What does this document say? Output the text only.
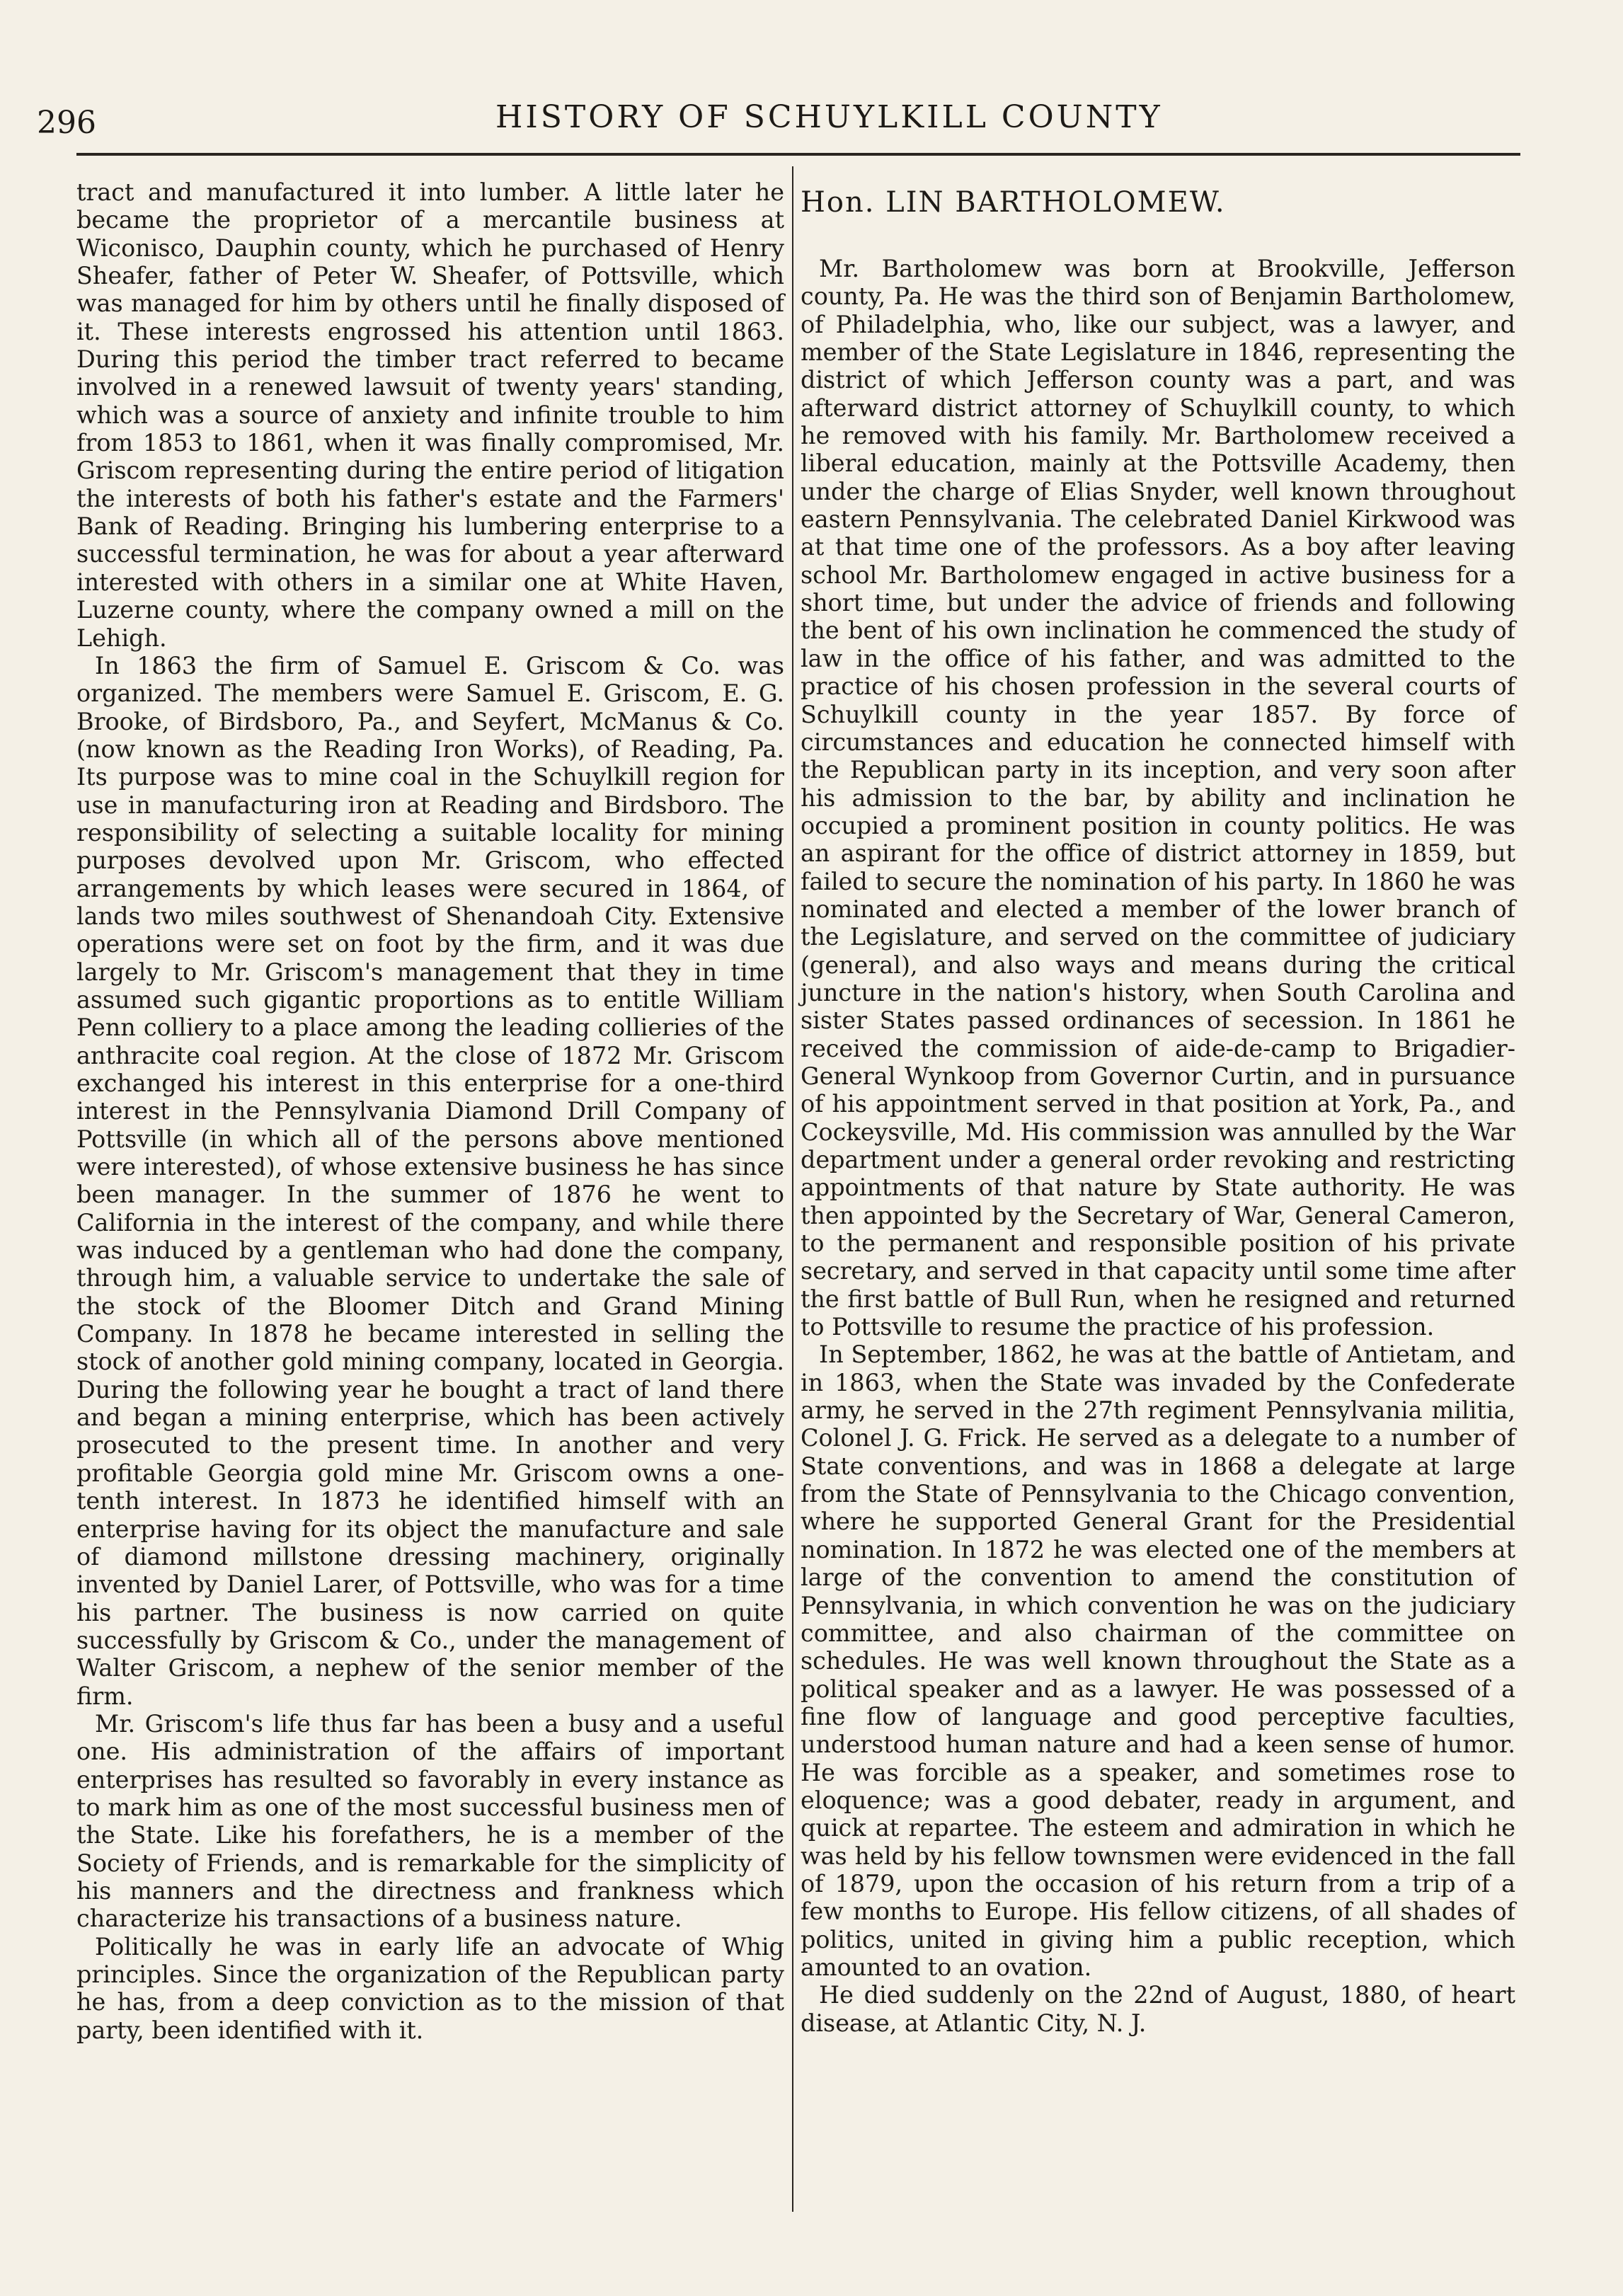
296	HISTORY OF SCHUYLKILL COUNTY

tract and manufactured it into lumber. A little later he became the proprietor of a mercantile business at Wiconisco, Dauphin county, which he purchased of Henry Sheafer, father of Peter W. Sheafer, of Pottsville, which was managed for him by others until he finally disposed of it. These interests engrossed his attention until 1863. During this period the timber tract referred to became involved in a renewed lawsuit of twenty years' standing, which was a source of anxiety and infinite trouble to him from 1853 to 1861, when it was finally compromised, Mr. Griscom representing during the entire period of litigation the interests of both his father's estate and the Farmers' Bank of Reading. Bringing his lumbering enterprise to a successful termination, he was for about a year afterward interested with others in a similar one at White Haven, Luzerne county, where the company owned a mill on the Lehigh.

In 1863 the firm of Samuel E. Griscom & Co. was organized. The members were Samuel E. Griscom, E. G. Brooke, of Birdsboro, Pa., and Seyfert, McManus & Co. (now known as the Reading Iron Works), of Reading, Pa. Its purpose was to mine coal in the Schuylkill region for use in manufacturing iron at Reading and Birdsboro. The responsibility of selecting a suitable locality for mining purposes devolved upon Mr. Griscom, who effected arrangements by which leases were secured in 1864, of lands two miles southwest of Shenandoah City. Extensive operations were set on foot by the firm, and it was due largely to Mr. Griscom's management that they in time assumed such gigantic proportions as to entitle William Penn colliery to a place among the leading collieries of the anthracite coal region. At the close of 1872 Mr. Griscom exchanged his interest in this enterprise for a one-third interest in the Pennsylvania Diamond Drill Company of Pottsville (in which all of the persons above mentioned were interested), of whose extensive business he has since been manager. In the summer of 1876 he went to California in the interest of the company, and while there was induced by a gentleman who had done the company, through him, a valuable service to undertake the sale of the stock of the Bloomer Ditch and Grand Mining Company. In 1878 he became interested in selling the stock of another gold mining company, located in Georgia. During the following year he bought a tract of land there and began a mining enterprise, which has been actively prosecuted to the present time. In another and very profitable Georgia gold mine Mr. Griscom owns a one-tenth interest. In 1873 he identified himself with an enterprise having for its object the manufacture and sale of diamond millstone dressing machinery, originally invented by Daniel Larer, of Pottsville, who was for a time his partner. The business is now carried on quite successfully by Griscom & Co., under the management of Walter Griscom, a nephew of the senior member of the firm.

Mr. Griscom's life thus far has been a busy and a useful one. His administration of the affairs of important enterprises has resulted so favorably in every instance as to mark him as one of the most successful business men of the State. Like his forefathers, he is a member of the Society of Friends, and is remarkable for the simplicity of his manners and the directness and frankness which characterize his transactions of a business nature.

Politically he was in early life an advocate of Whig principles. Since the organization of the Republican party he has, from a deep conviction as to the mission of that party, been identified with it.

Hon. LIN BARTHOLOMEW.

Mr. Bartholomew was born at Brookville, Jefferson county, Pa. He was the third son of Benjamin Bartholomew, of Philadelphia, who, like our subject, was a lawyer, and member of the State Legislature in 1846, representing the district of which Jefferson county was a part, and was afterward district attorney of Schuylkill county, to which he removed with his family. Mr. Bartholomew received a liberal education, mainly at the Pottsville Academy, then under the charge of Elias Snyder, well known throughout eastern Pennsylvania. The celebrated Daniel Kirkwood was at that time one of the professors. As a boy after leaving school Mr. Bartholomew engaged in active business for a short time, but under the advice of friends and following the bent of his own inclination he commenced the study of law in the office of his father, and was admitted to the practice of his chosen profession in the several courts of Schuylkill county in the year 1857. By force of circumstances and education he connected himself with the Republican party in its inception, and very soon after his admission to the bar, by ability and inclination he occupied a prominent position in county politics. He was an aspirant for the office of district attorney in 1859, but failed to secure the nomination of his party. In 1860 he was nominated and elected a member of the lower branch of the Legislature, and served on the committee of judiciary (general), and also ways and means during the critical juncture in the nation's history, when South Carolina and sister States passed ordinances of secession. In 1861 he received the commission of aide-de-camp to Brigadier-General Wynkoop from Governor Curtin, and in pursuance of his appointment served in that position at York, Pa., and Cockeysville, Md. His commission was annulled by the War department under a general order revoking and restricting appointments of that nature by State authority. He was then appointed by the Secretary of War, General Cameron, to the permanent and responsible position of his private secretary, and served in that capacity until some time after the first battle of Bull Run, when he resigned and returned to Pottsville to resume the practice of his profession.

In September, 1862, he was at the battle of Antietam, and in 1863, when the State was invaded by the Confederate army, he served in the 27th regiment Pennsylvania militia, Colonel J. G. Frick. He served as a delegate to a number of State conventions, and was in 1868 a delegate at large from the State of Pennsylvania to the Chicago convention, where he supported General Grant for the Presidential nomination. In 1872 he was elected one of the members at large of the convention to amend the constitution of Pennsylvania, in which convention he was on the judiciary committee, and also chairman of the committee on schedules. He was well known throughout the State as a political speaker and as a lawyer. He was possessed of a fine flow of language and good perceptive faculties, understood human nature and had a keen sense of humor. He was forcible as a speaker, and sometimes rose to eloquence; was a good debater, ready in argument, and quick at repartee. The esteem and admiration in which he was held by his fellow townsmen were evidenced in the fall of 1879, upon the occasion of his return from a trip of a few months to Europe. His fellow citizens, of all shades of politics, united in giving him a public reception, which amounted to an ovation.

He died suddenly on the 22nd of August, 1880, of heart disease, at Atlantic City, N. J.
